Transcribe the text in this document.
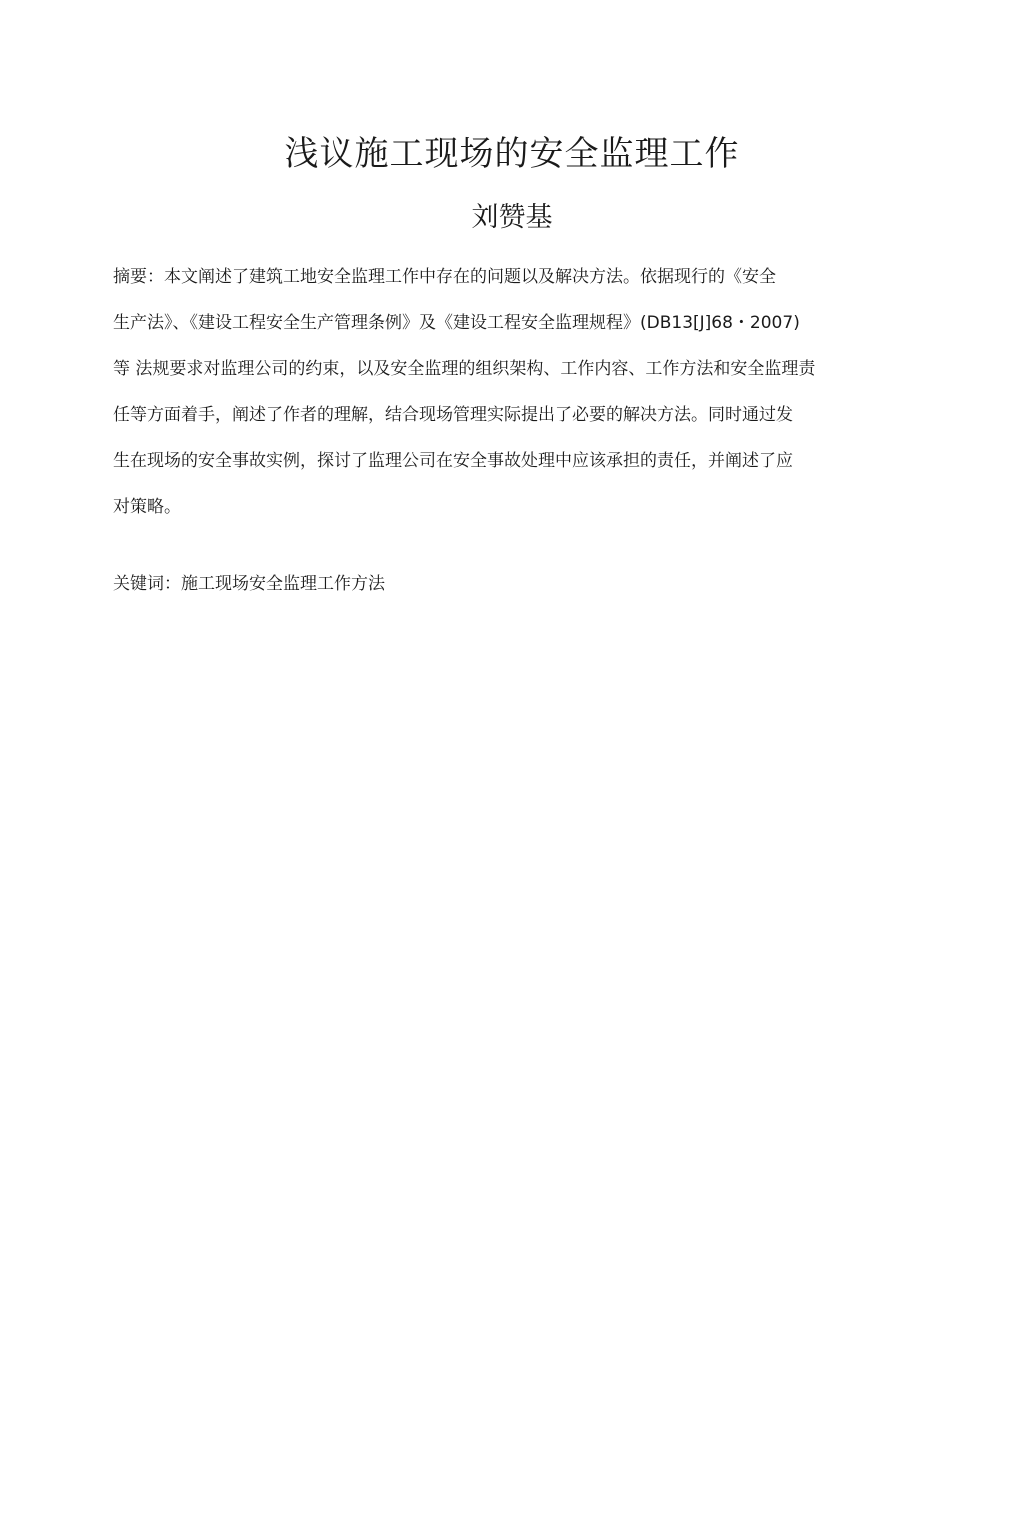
浅议施工现场的安全监理工作
刘赞基
摘要：本文阐述了建筑工地安全监理工作中存在的问题以及解决方法。依据现行的《安全
生产法》、《建设工程安全生产管理条例》及《建设工程安全监理规程》(DB13[J]68・2007)
等 法规要求对监理公司的约束，以及安全监理的组织架构、工作内容、工作方法和安全监理责
任等方面着手，阐述了作者的理解，结合现场管理实际提出了必要的解决方法。同时通过发
生在现场的安全事故实例，探讨了监理公司在安全事故处理中应该承担的责任，并阐述了应
对策略。
关键词：施工现场安全监理工作方法
